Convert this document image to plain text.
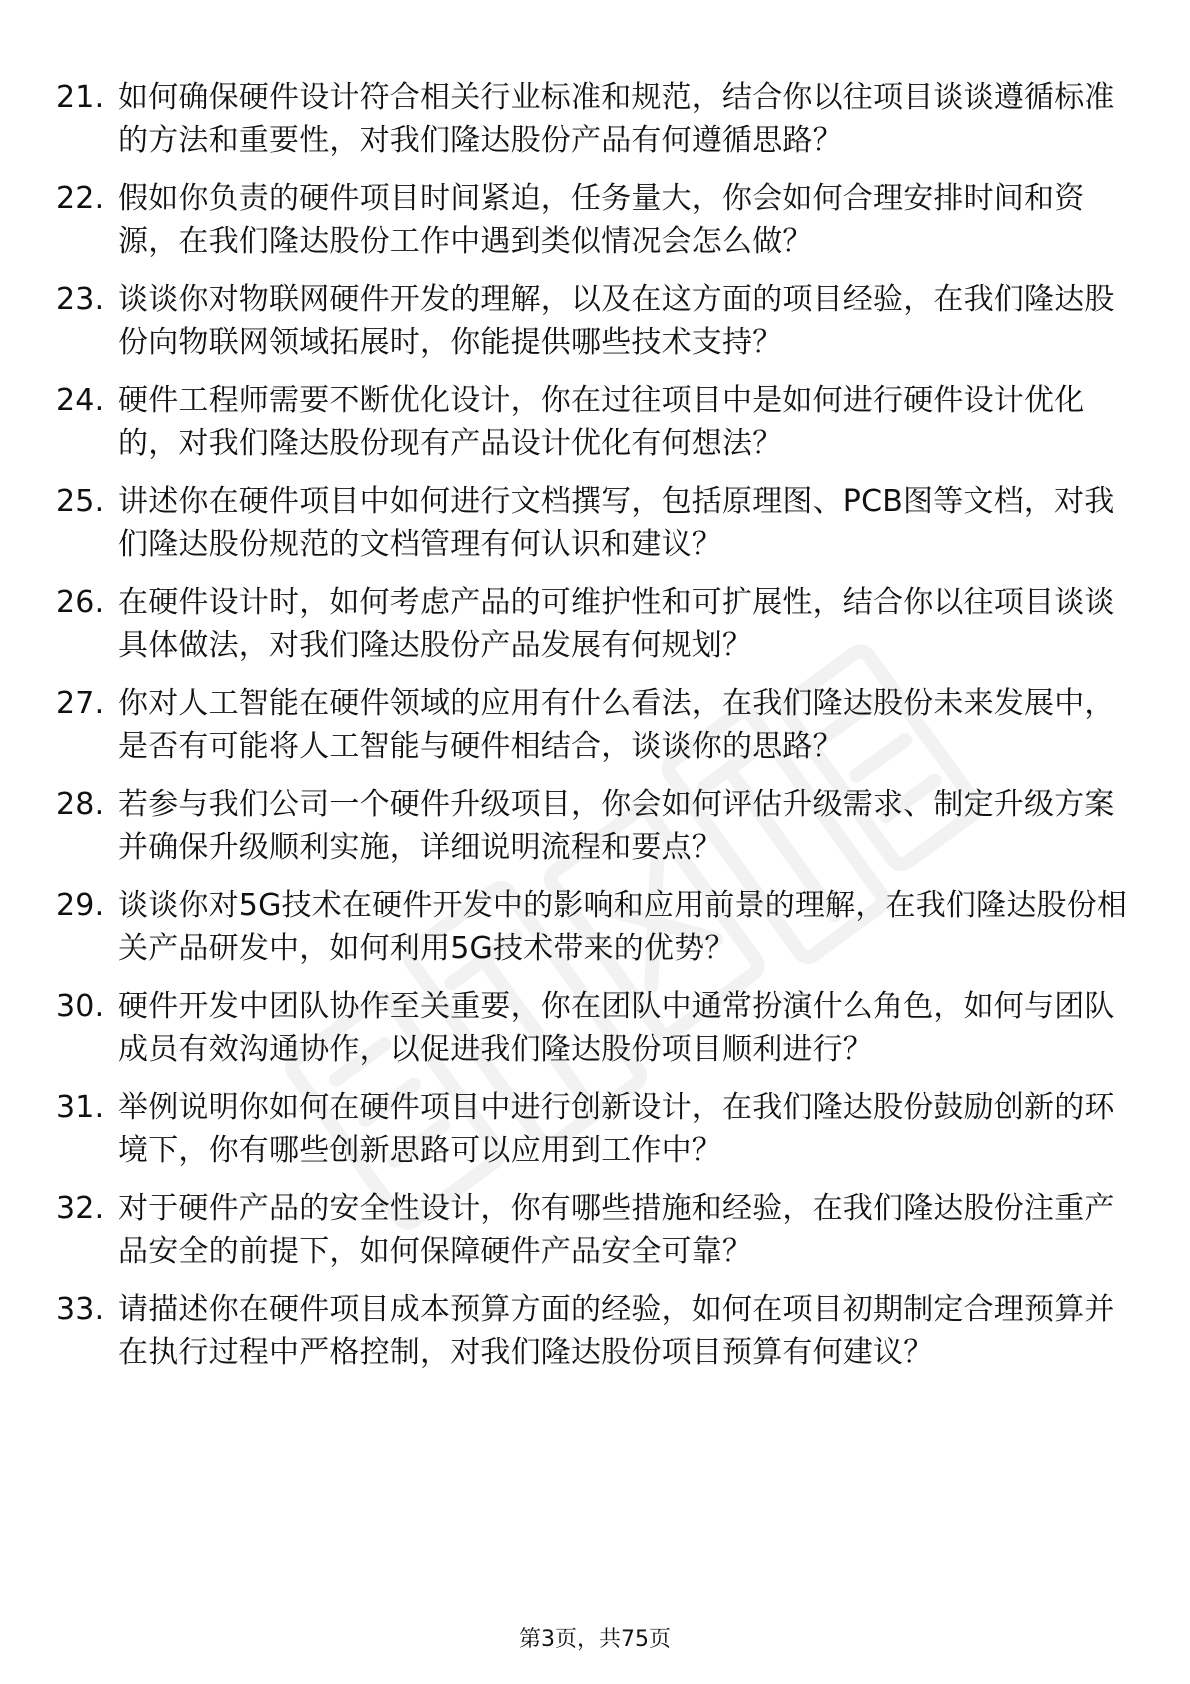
21. 如何确保硬件设计符合相关行业标准和规范，结合你以往项目谈谈遵循标准的方法和重要性，对我们隆达股份产品有何遵循思路？
22. 假如你负责的硬件项目时间紧迫，任务量大，你会如何合理安排时间和资源，在我们隆达股份工作中遇到类似情况会怎么做？
23. 谈谈你对物联网硬件开发的理解，以及在这方面的项目经验，在我们隆达股份向物联网领域拓展时，你能提供哪些技术支持？
24. 硬件工程师需要不断优化设计，你在过往项目中是如何进行硬件设计优化的，对我们隆达股份现有产品设计优化有何想法？
25. 讲述你在硬件项目中如何进行文档撰写，包括原理图、PCB图等文档，对我们隆达股份规范的文档管理有何认识和建议？
26. 在硬件设计时，如何考虑产品的可维护性和可扩展性，结合你以往项目谈谈具体做法，对我们隆达股份产品发展有何规划？
27. 你对人工智能在硬件领域的应用有什么看法，在我们隆达股份未来发展中，是否有可能将人工智能与硬件相结合，谈谈你的思路？
28. 若参与我们公司一个硬件升级项目，你会如何评估升级需求、制定升级方案并确保升级顺利实施，详细说明流程和要点？
29. 谈谈你对5G技术在硬件开发中的影响和应用前景的理解，在我们隆达股份相关产品研发中，如何利用5G技术带来的优势？
30. 硬件开发中团队协作至关重要，你在团队中通常扮演什么角色，如何与团队成员有效沟通协作，以促进我们隆达股份项目顺利进行？
31. 举例说明你如何在硬件项目中进行创新设计，在我们隆达股份鼓励创新的环境下，你有哪些创新思路可以应用到工作中？
32. 对于硬件产品的安全性设计，你有哪些措施和经验，在我们隆达股份注重产品安全的前提下，如何保障硬件产品安全可靠？
33. 请描述你在硬件项目成本预算方面的经验，如何在项目初期制定合理预算并在执行过程中严格控制，对我们隆达股份项目预算有何建议？
第3页，共75页
